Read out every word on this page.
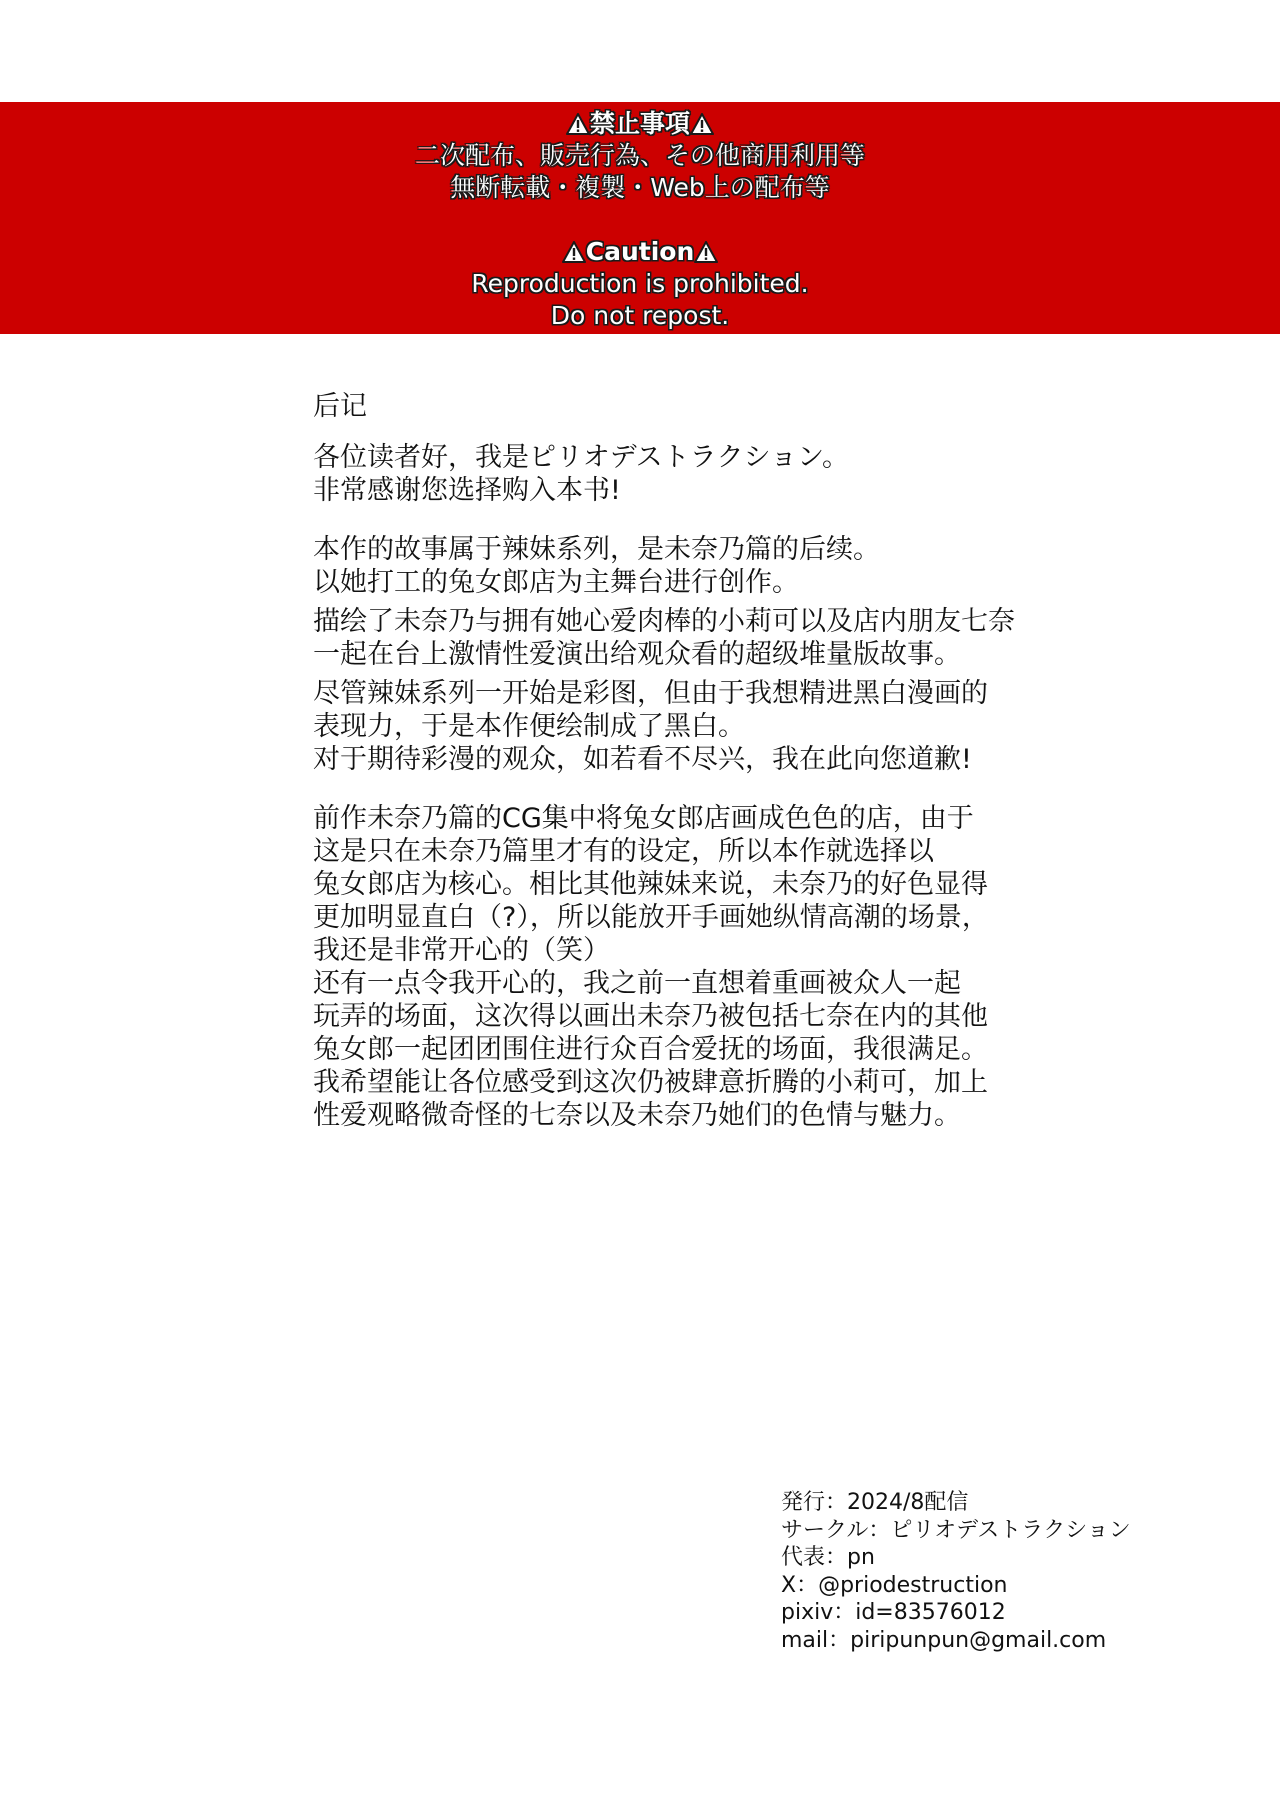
禁止事項
二次配布、販売行為、その他商用利用等
無断転載・複製・Web上の配布等
Caution
Reproduction is prohibited.
Do not repost.
后记
各位读者好，我是ピリオデストラクション。
非常感谢您选择购入本书!
本作的故事属于辣妹系列，是未奈乃篇的后续。
以她打工的兔女郎店为主舞台进行创作。
描绘了未奈乃与拥有她心爱肉棒的小莉可以及店内朋友七奈
一起在台上激情性爱演出给观众看的超级堆量版故事。
尽管辣妹系列一开始是彩图，但由于我想精进黑白漫画的
表现力，于是本作便绘制成了黑白。
对于期待彩漫的观众，如若看不尽兴，我在此向您道歉!
前作未奈乃篇的CG集中将兔女郎店画成色色的店，由于
这是只在未奈乃篇里才有的设定，所以本作就选择以
兔女郎店为核心。相比其他辣妹来说，未奈乃的好色显得
更加明显直白（?），所以能放开手画她纵情高潮的场景，
我还是非常开心的（笑）
还有一点令我开心的，我之前一直想着重画被众人一起
玩弄的场面，这次得以画出未奈乃被包括七奈在内的其他
兔女郎一起团团围住进行众百合爱抚的场面，我很满足。
我希望能让各位感受到这次仍被肆意折腾的小莉可，加上
性爱观略微奇怪的七奈以及未奈乃她们的色情与魅力。
発行：2024/8配信
サークル：ピリオデストラクション
代表：pn
X：@priodestruction
pixiv：id=83576012
mail：piripunpun@gmail.com
